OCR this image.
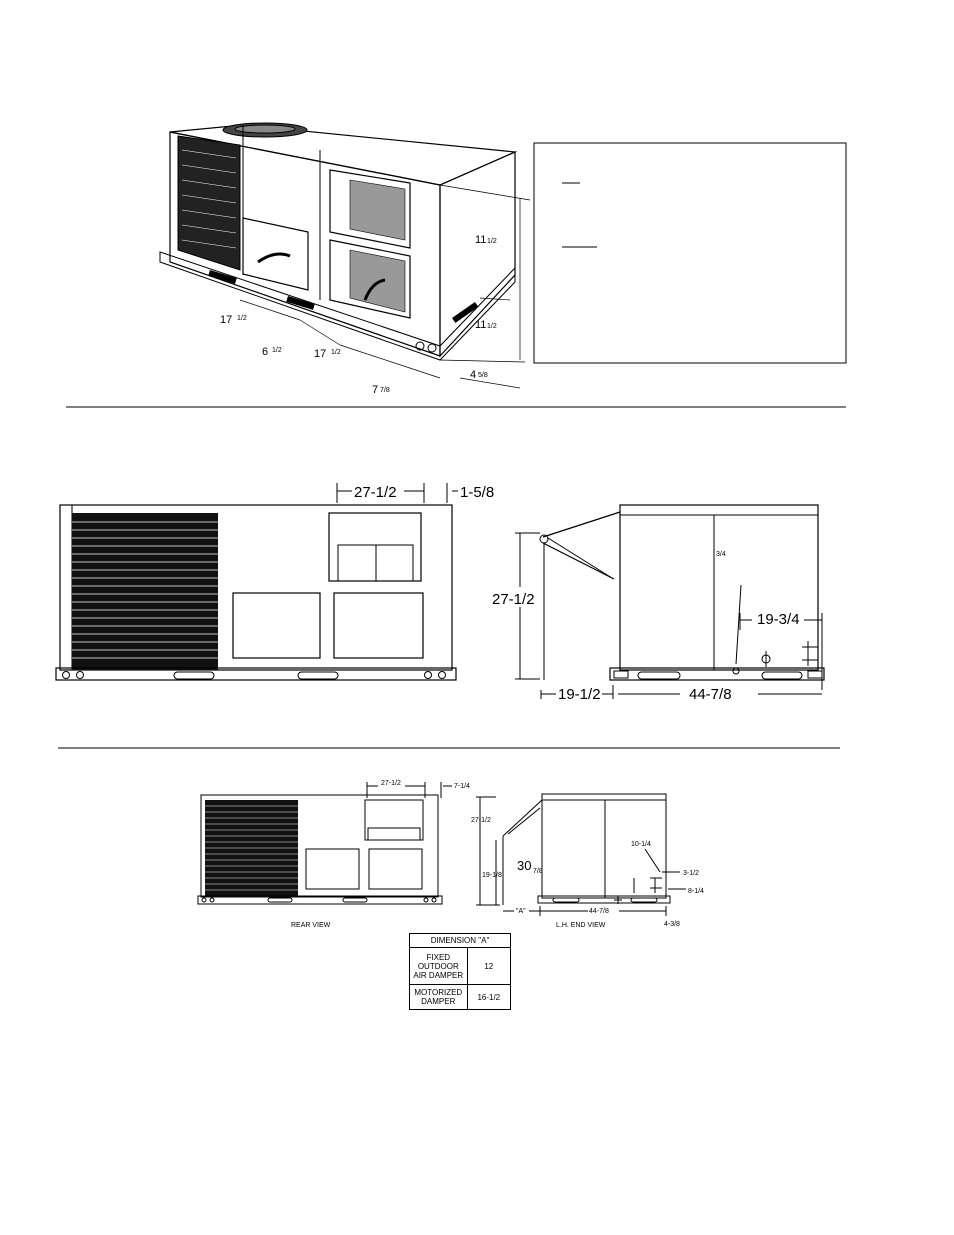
17 1/2
6 1/2	17 1/2
7 7/8
4 5/8
11 1/2
11 1/2
27-1/2	1-5/8
27-1/2
19-3/4
19-1/2	44-7/8
3/4
27-1/2	7-1/4
REAR VIEW
27-1/2
19-1/8
30 7/8
10-1/4
3-1/2
8-1/4
"A"	44-7/8
4-3/8
L.H. END VIEW
DIMENSION "A"	
FIXED OUTDOOR AIR DAMPER	12
MOTORIZED DAMPER	16-1/2
